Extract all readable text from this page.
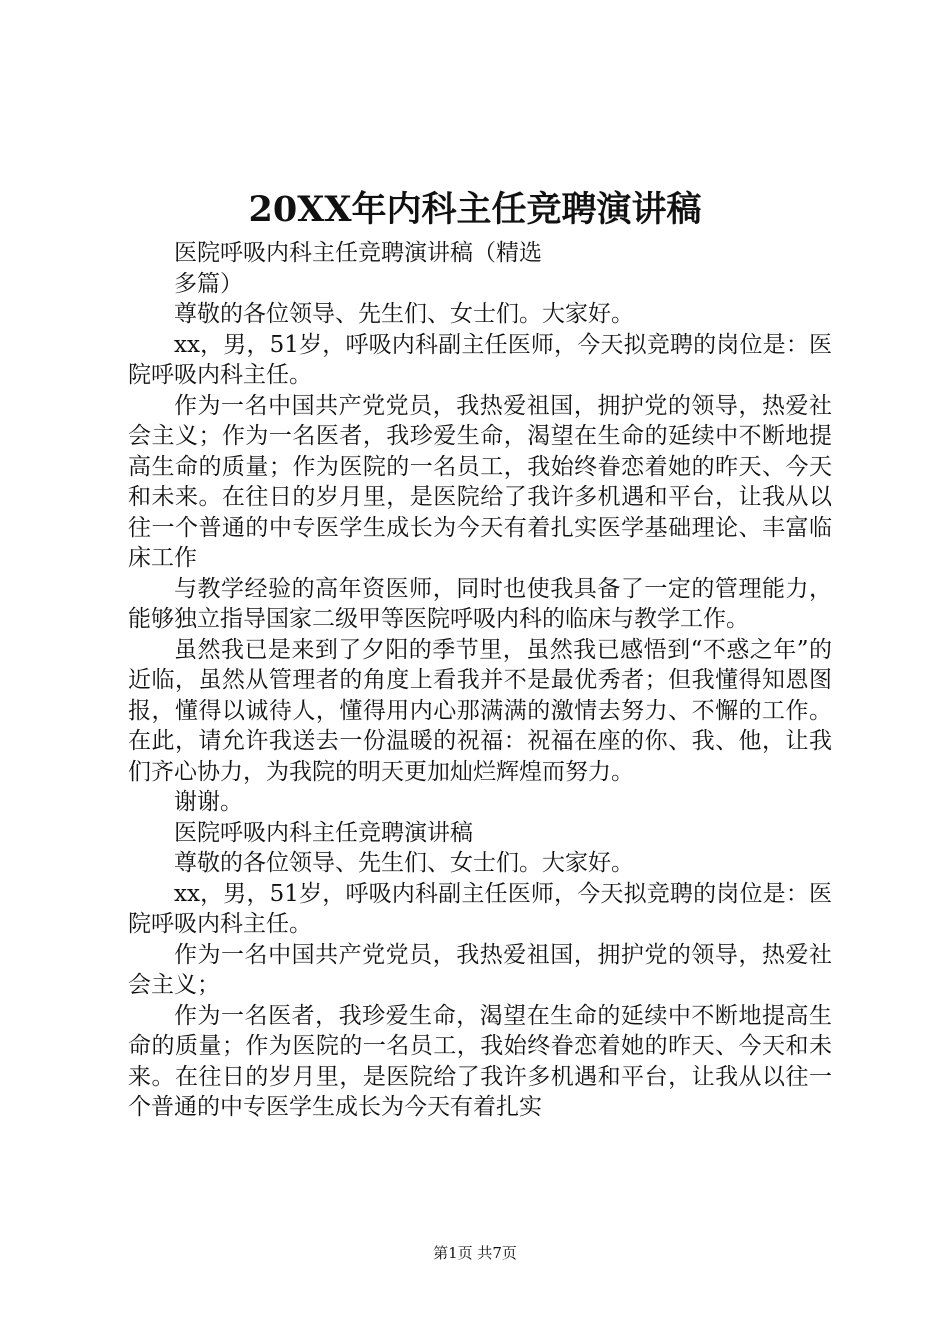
20XX年内科主任竞聘演讲稿

医院呼吸内科主任竞聘演讲稿（精选

多篇）

尊敬的各位领导、先生们、女士们。大家好。

xx，男，51岁，呼吸内科副主任医师，今天拟竞聘的岗位是：医院呼吸内科主任。

作为一名中国共产党党员，我热爱祖国，拥护党的领导，热爱社会主义；作为一名医者，我珍爱生命，渴望在生命的延续中不断地提高生命的质量；作为医院的一名员工，我始终眷恋着她的昨天、今天和未来。在往日的岁月里，是医院给了我许多机遇和平台，让我从以往一个普通的中专医学生成长为今天有着扎实医学基础理论、丰富临床工作

与教学经验的高年资医师，同时也使我具备了一定的管理能力，能够独立指导国家二级甲等医院呼吸内科的临床与教学工作。

虽然我已是来到了夕阳的季节里，虽然我已感悟到“不惑之年”的近临，虽然从管理者的角度上看我并不是最优秀者；但我懂得知恩图报，懂得以诚待人，懂得用内心那满满的激情去努力、不懈的工作。在此，请允许我送去一份温暖的祝福：祝福在座的你、我、他，让我们齐心协力，为我院的明天更加灿烂辉煌而努力。

谢谢。

医院呼吸内科主任竞聘演讲稿

尊敬的各位领导、先生们、女士们。大家好。

xx，男，51岁，呼吸内科副主任医师，今天拟竞聘的岗位是：医院呼吸内科主任。

作为一名中国共产党党员，我热爱祖国，拥护党的领导，热爱社会主义；

作为一名医者，我珍爱生命，渴望在生命的延续中不断地提高生命的质量；作为医院的一名员工，我始终眷恋着她的昨天、今天和未来。在往日的岁月里，是医院给了我许多机遇和平台，让我从以往一个普通的中专医学生成长为今天有着扎实

第1页 共7页
